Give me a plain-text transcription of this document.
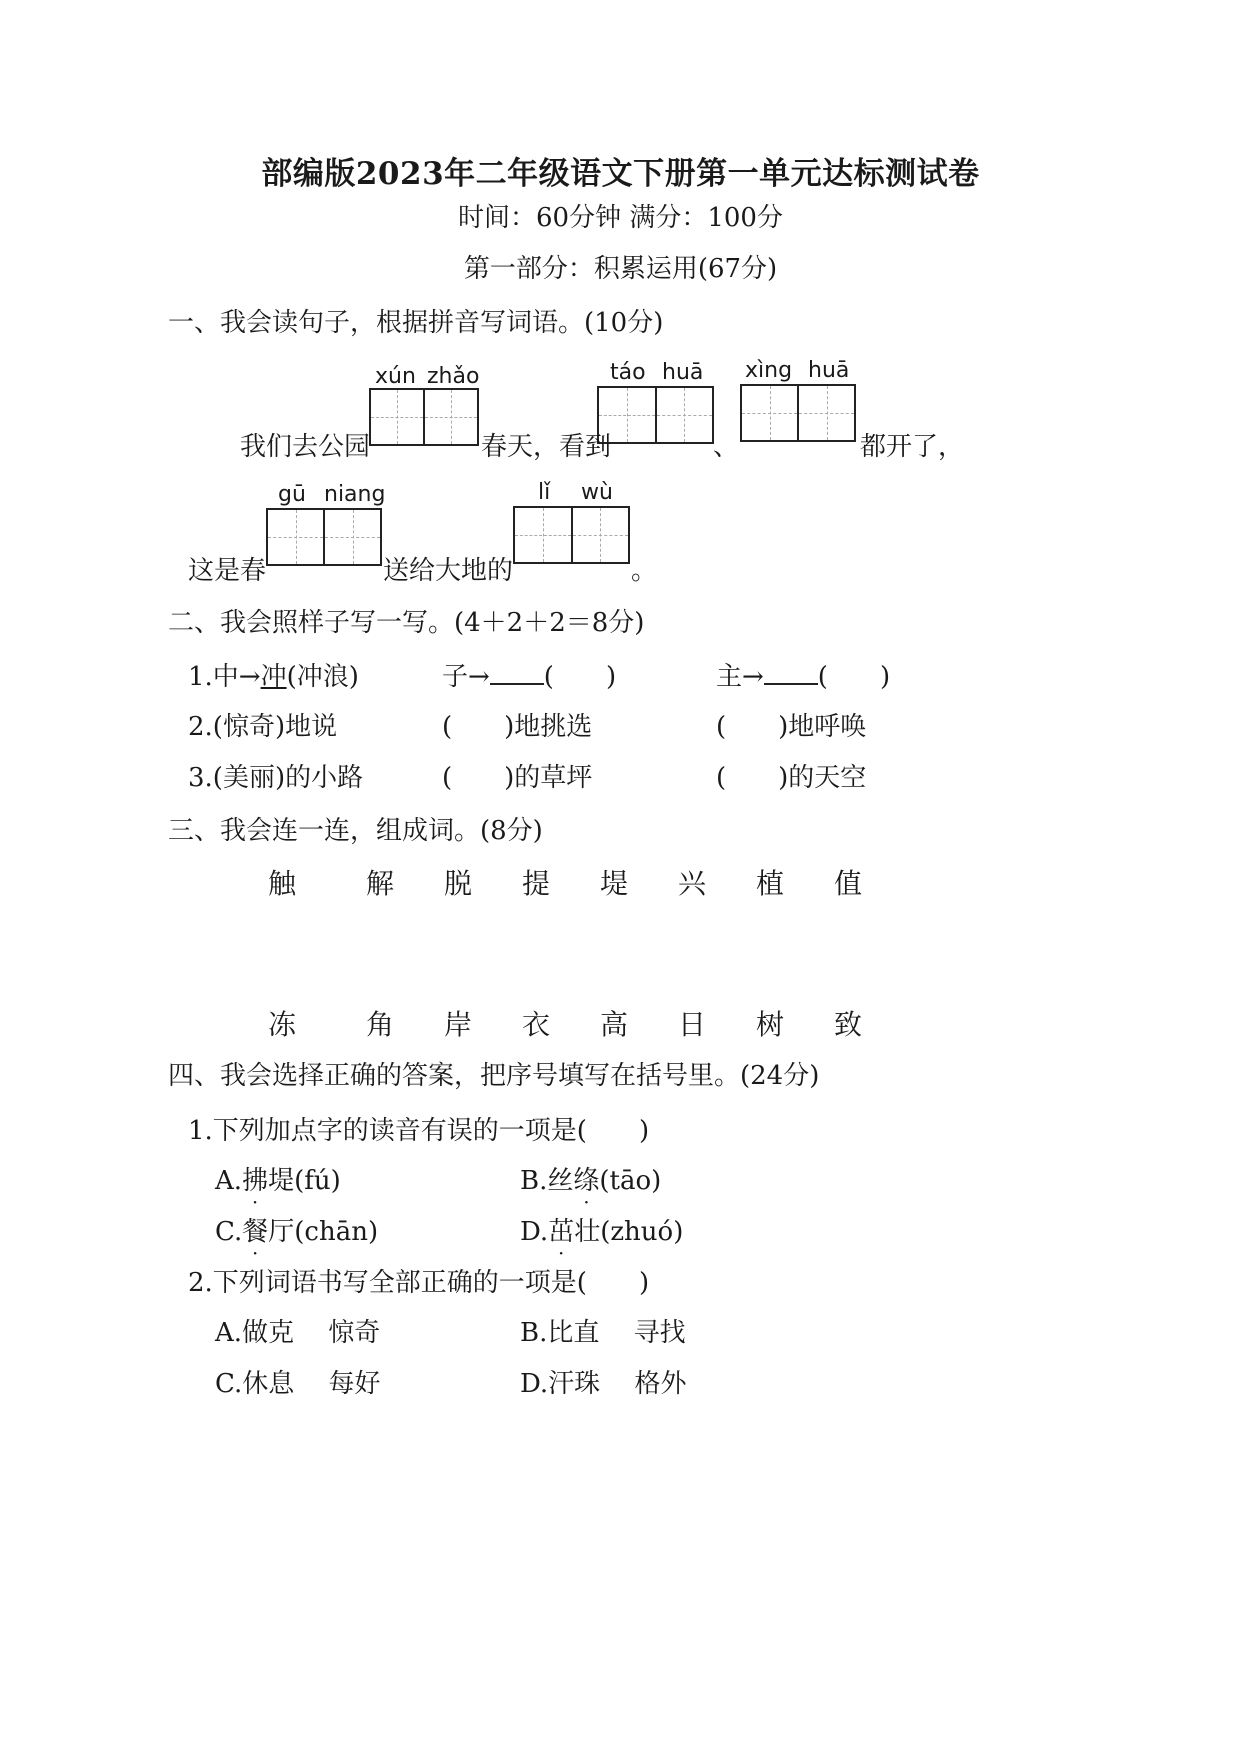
部编版2023年二年级语文下册第一单元达标测试卷
时间：60分钟 满分：100分
第一部分：积累运用(67分)
一、我会读句子，根据拼音写词语。(10分)
xún zhǎo	táo huā xìng huā
我们去公园	春天，看到	、	都开了，
gū niang	lǐ wù
这是春	送给大地的	。
二、我会照样子写一写。(4＋2＋2＝8分)
1.中→冲(冲浪)	子→ (　　)	主→ (　　)
2.(惊奇)地说	(　　)地挑选	(　　)地呼唤
3.(美丽)的小路	(　　)的草坪	(　　)的天空
三、我会连一连，组成词。(8分)
触 解 脱 提 堤 兴 植 值
冻 角 岸 衣 高 日 树 致
四、我会选择正确的答案，把序号填写在括号里。(24分)
1.下列加点字的读音有误的一项是(　　)
A.拂堤(fú)	B.丝绦(tāo)
C.餐厅(chān)	D.茁壮(zhuó)
2.下列词语书写全部正确的一项是(　　)
A.做克　 惊奇	B.比直　 寻找
C.休息　 每好	D.汗珠　 格外
